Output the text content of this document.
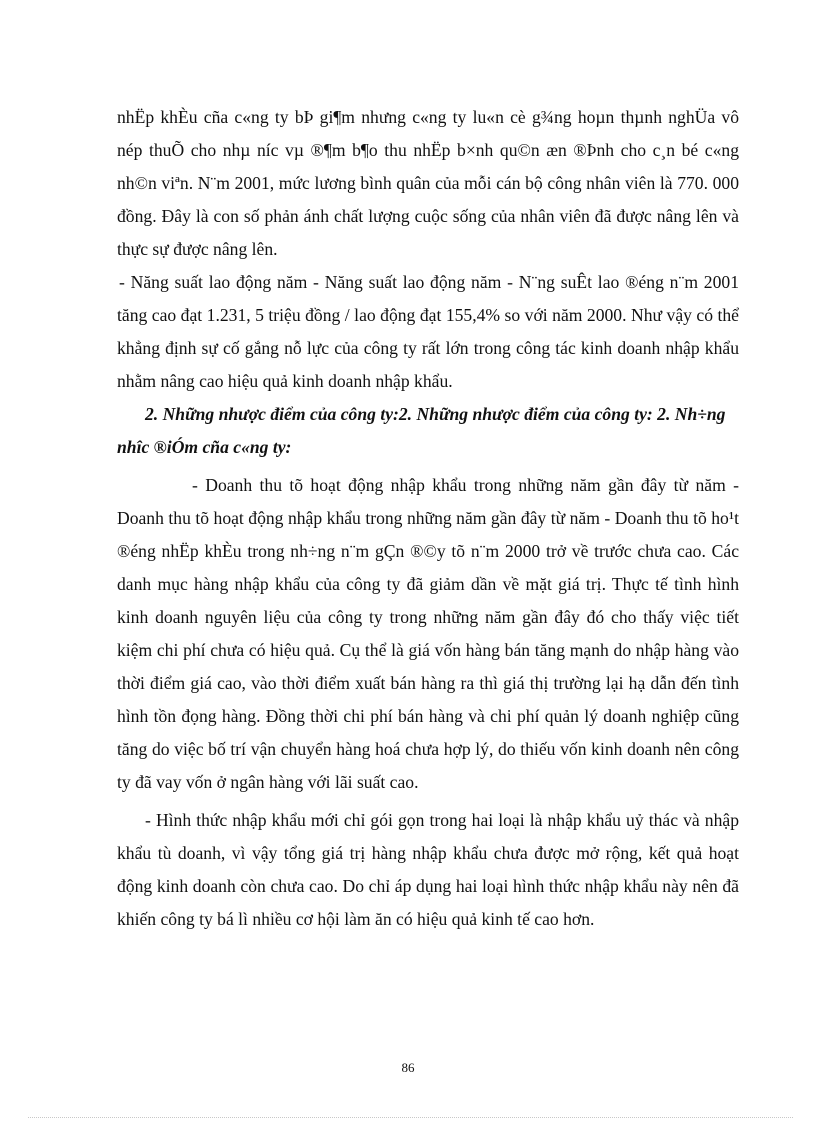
nhËp khÈu cña c«ng ty bÞ gi¶m nhưng c«ng ty lu«n cè g¾ng hoµn thµnh nghÜa vô nép thuÕ cho nhµ níc vµ ®¶m b¶o thu nhËp b×nh qu©n æn ®Þnh cho c¸n bé c«ng nh©n viªn. N¨m 2001, mức lương bình quân của mỗi cán bộ công nhân viên là 770. 000 đồng. Đây là con số phản ánh chất lượng cuộc sống của nhân viên đã được nâng lên và thực sự được nâng lên.

- Năng suất lao động năm - Năng suất lao động năm - N¨ng suÊt lao ®éng n¨m 2001 tăng cao đạt 1.231, 5 triệu đồng / lao động đạt 155,4% so với năm 2000. Như vậy có thể khẳng định sự cố gắng nỗ lực của công ty rất lớn trong công tác kinh doanh nhập khẩu nhằm nâng cao hiệu quả kinh doanh nhập khẩu.

2. Những nhược điểm của công ty:2. Những nhược điểm của công ty: 2. Nh÷ng nhîc ®iÓm cña c«ng ty:

- Doanh thu tõ hoạt động nhập khẩu trong những năm gần đây từ năm - Doanh thu tõ hoạt động nhập khẩu trong những năm gần đây từ năm - Doanh thu tõ ho¹t ®éng nhËp khÈu trong nh÷ng n¨m gÇn ®©y tõ n¨m 2000 trở về trước chưa cao. Các danh mục hàng nhập khẩu của công ty đã giảm dần về mặt giá trị. Thực tế tình hình kinh doanh nguyên liệu của công ty trong những năm gần đây đó cho thấy việc tiết kiệm chi phí chưa có hiệu quả. Cụ thể là giá vốn hàng bán tăng mạnh do nhập hàng vào thời điểm giá cao, vào thời điểm xuất bán hàng ra thì giá thị trường lại hạ dẫn đến tình hình tồn đọng hàng. Đồng thời chi phí bán hàng và chi phí quản lý doanh nghiệp cũng tăng do việc bố trí vận chuyển hàng hoá chưa hợp lý, do thiếu vốn kinh doanh nên công ty đã vay vốn ở ngân hàng với lãi suất cao.

- Hình thức nhập khẩu mới chỉ gói gọn trong hai loại là nhập khẩu uỷ thác và nhập khẩu tù doanh, vì vậy tổng giá trị hàng nhập khẩu chưa được mở rộng, kết quả hoạt động kinh doanh còn chưa cao. Do chỉ áp dụng hai loại hình thức nhập khẩu này nên đã khiến công ty bá lì nhiều cơ hội làm ăn có hiệu quả kinh tế cao hơn.

86
